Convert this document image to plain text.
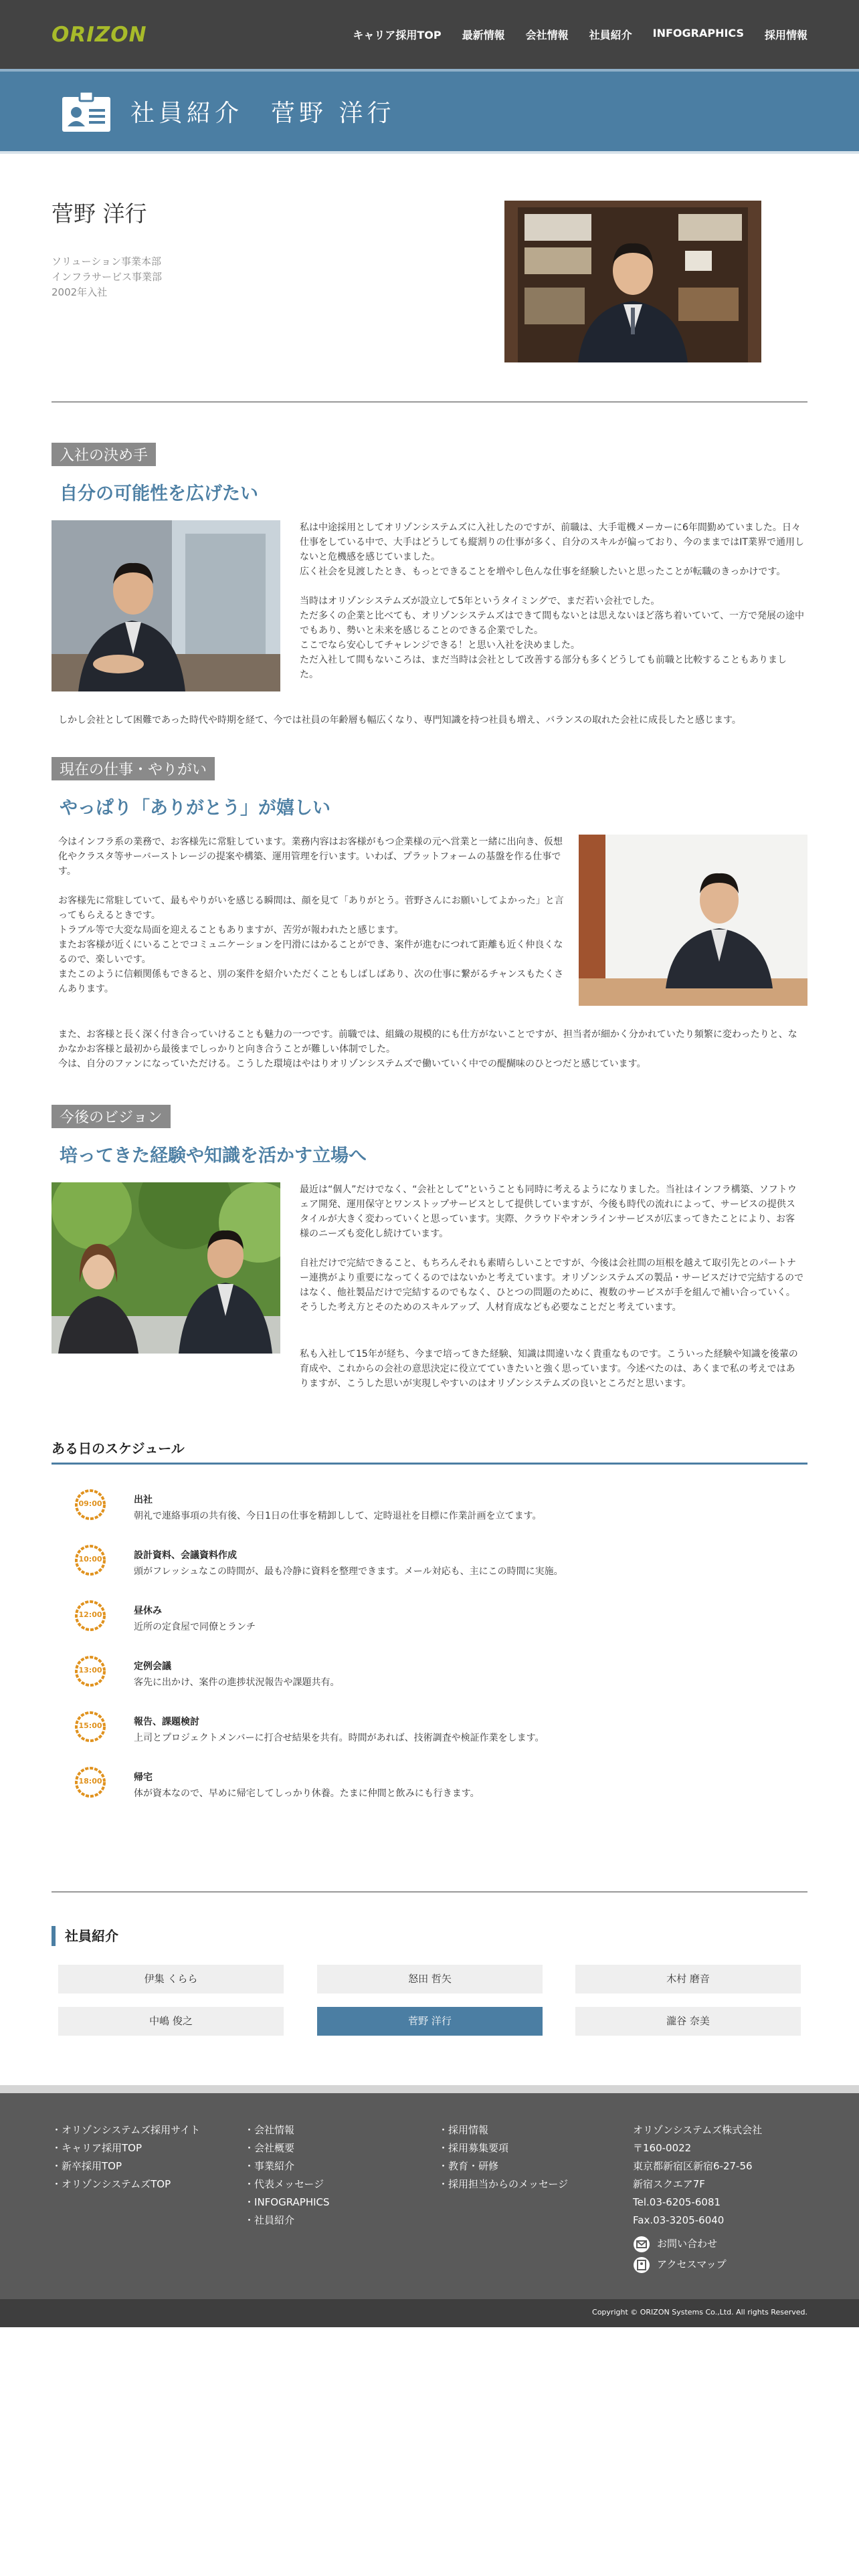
ORIZON	キャリア採用TOP 最新情報 会社情報 社員紹介 INFOGRAPHICS 採用情報
社員紹介　菅野 洋行
菅野 洋行
ソリューション事業本部
インフラサービス事業部
2002年入社
入社の決め手
自分の可能性を広げたい

私は中途採用としてオリゾンシステムズに入社したのですが、前職は、大手電機メーカーに6年間勤めていました。日々仕事をしている中で、大手はどうしても縦割りの仕事が多く、自分のスキルが偏っており、今のままではIT業界で通用しないと危機感を感じていました。

広く社会を見渡したとき、もっとできることを増やし色んな仕事を経験したいと思ったことが転職のきっかけです。

当時はオリゾンシステムズが設立して5年というタイミングで、まだ若い会社でした。

ただ多くの企業と比べても、オリゾンシステムズはできて間もないとは思えないほど落ち着いていて、一方で発展の途中でもあり、勢いと未来を感じることのできる企業でした。

ここでなら安心してチャレンジできる！と思い入社を決めました。

ただ入社して間もないころは、まだ当時は会社として改善する部分も多くどうしても前職と比較することもありました。

しかし会社として困難であった時代や時期を経て、今では社員の年齢層も幅広くなり、専門知識を持つ社員も増え、バランスの取れた会社に成長したと感じます。
現在の仕事・やりがい
やっぱり「ありがとう」が嬉しい

今はインフラ系の業務で、お客様先に常駐しています。業務内容はお客様がもつ企業様の元へ営業と一緒に出向き、仮想化やクラスタ等サーバーストレージの提案や構築、運用管理を行います。いわば、プラットフォームの基盤を作る仕事です。

お客様先に常駐していて、最もやりがいを感じる瞬間は、顔を見て「ありがとう。菅野さんにお願いしてよかった」と言ってもらえるときです。

トラブル等で大変な局面を迎えることもありますが、苦労が報われたと感じます。

またお客様が近くにいることでコミュニケーションを円滑にはかることができ、案件が進むにつれて距離も近く仲良くなるので、楽しいです。

またこのように信頼関係もできると、別の案件を紹介いただくこともしばしばあり、次の仕事に繋がるチャンスもたくさんあります。

また、お客様と長く深く付き合っていけることも魅力の一つです。前職では、組織の規模的にも仕方がないことですが、担当者が細かく分かれていたり頻繁に変わったりと、なかなかお客様と最初から最後までしっかりと向き合うことが難しい体制でした。

今は、自分のファンになっていただける。こうした環境はやはりオリゾンシステムズで働いていく中での醍醐味のひとつだと感じています。

今後のビジョン
培ってきた経験や知識を活かす立場へ

最近は“個人”だけでなく、“会社として”ということも同時に考えるようになりました。当社はインフラ構築、ソフトウェア開発、運用保守とワンストップサービスとして提供していますが、今後も時代の流れによって、サービスの提供スタイルが大きく変わっていくと思っています。実際、クラウドやオンラインサービスが広まってきたことにより、お客様のニーズも変化し続けています。

自社だけで完結できること、もちろんそれも素晴らしいことですが、今後は会社間の垣根を越えて取引先とのパートナー連携がより重要になってくるのではないかと考えています。オリゾンシステムズの製品・サービスだけで完結するのではなく、他社製品だけで完結するのでもなく、ひとつの問題のために、複数のサービスが手を組んで補い合っていく。そうした考え方とそのためのスキルアップ、人材育成なども必要なことだと考えています。

私も入社して15年が経ち、今まで培ってきた経験、知識は間違いなく貴重なものです。こういった経験や知識を後輩の育成や、これからの会社の意思決定に役立てていきたいと強く思っています。今述べたのは、あくまで私の考えではありますが、こうした思いが実現しやすいのはオリゾンシステムズの良いところだと思います。

ある日のスケジュール
09:00	出社
朝礼で連絡事項の共有後、今日1日の仕事を精卸しして、定時退社を目標に作業計画を立てます。
10:00	設計資料、会議資料作成
頭がフレッシュなこの時間が、最も冷静に資料を整理できます。メール対応も、主にこの時間に実施。
12:00	昼休み
近所の定食屋で同僚とランチ
13:00	定例会議
客先に出かけ、案件の進捗状況報告や課題共有。
15:00	報告、課題検討
上司とプロジェクトメンバーに打合せ結果を共有。時間があれば、技術調査や検証作業をします。
18:00	帰宅
体が資本なので、早めに帰宅してしっかり休養。たまに仲間と飲みにも行きます。
社員紹介
伊集 くらら	怒田 哲矢	木村 磨音
中嶋 俊之	菅野 洋行	瀧谷 奈美
・ オリゾンシステムズ採用サイト
・ キャリア採用TOP
・ 新卒採用TOP
・ オリゾンシステムズTOP
・ 会社情報
・ 会社概要
・ 事業紹介
・ 代表メッセージ
・ INFOGRAPHICS
・ 社員紹介
・ 採用情報
・ 採用募集要項
・ 教育・研修
・ 採用担当からのメッセージ
オリゾンシステムズ株式会社
〒160-0022
東京都新宿区新宿6-27-56
新宿スクエア7F
Tel.03-6205-6081
Fax.03-3205-6040
お問い合わせ
アクセスマップ
Copyright © ORIZON Systems Co.,Ltd. All rights Reserved.
